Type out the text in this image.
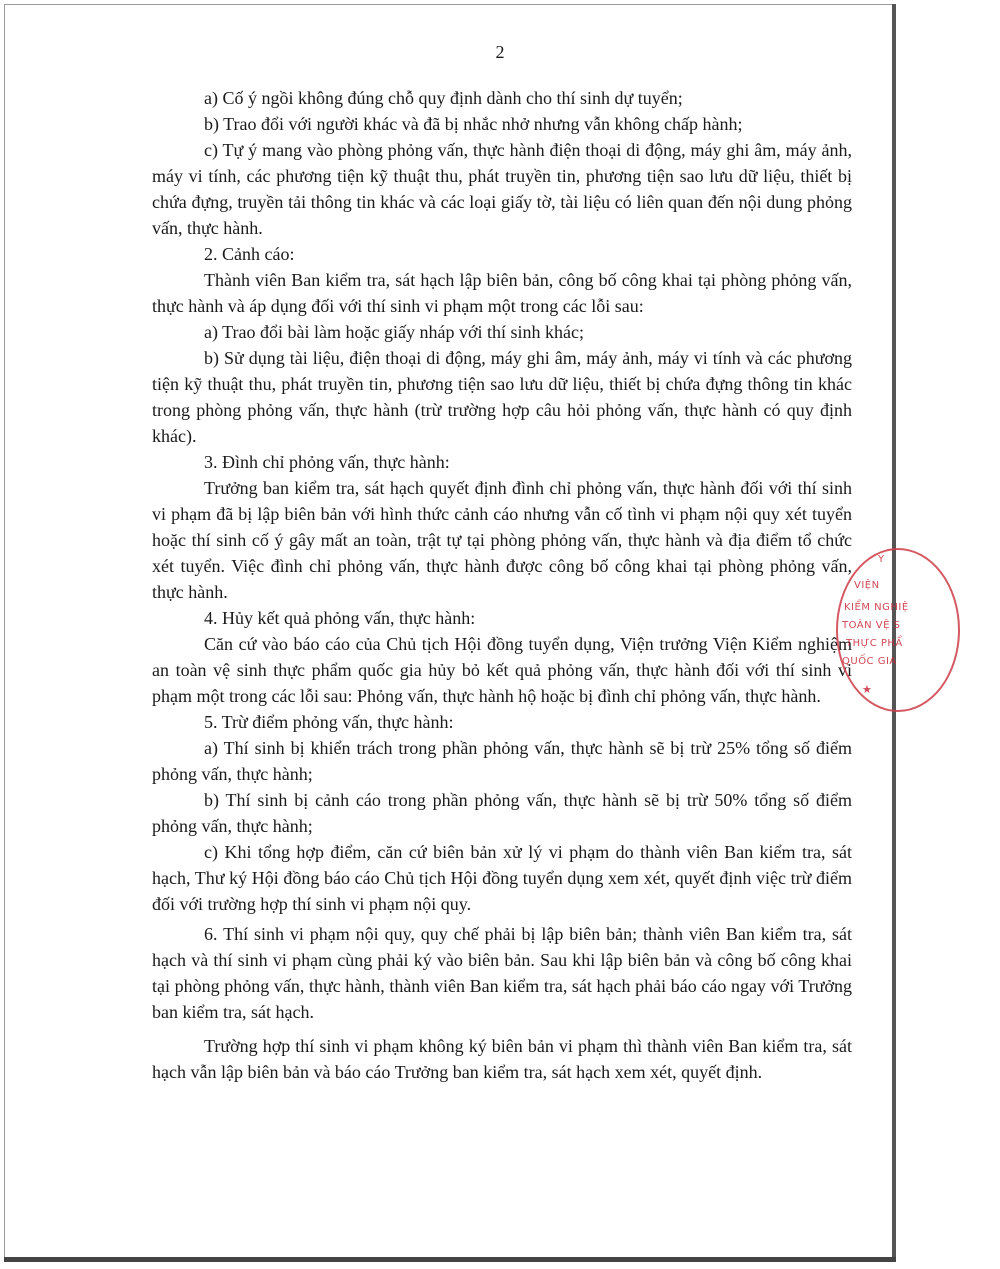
2

a) Cố ý ngồi không đúng chỗ quy định dành cho thí sinh dự tuyển;

b) Trao đổi với người khác và đã bị nhắc nhở nhưng vẫn không chấp hành;

c) Tự ý mang vào phòng phỏng vấn, thực hành điện thoại di động, máy ghi âm, máy ảnh, máy vi tính, các phương tiện kỹ thuật thu, phát truyền tin, phương tiện sao lưu dữ liệu, thiết bị chứa đựng, truyền tải thông tin khác và các loại giấy tờ, tài liệu có liên quan đến nội dung phỏng vấn, thực hành.

2. Cảnh cáo:

Thành viên Ban kiểm tra, sát hạch lập biên bản, công bố công khai tại phòng phỏng vấn, thực hành và áp dụng đối với thí sinh vi phạm một trong các lỗi sau:

a) Trao đổi bài làm hoặc giấy nháp với thí sinh khác;

b) Sử dụng tài liệu, điện thoại di động, máy ghi âm, máy ảnh, máy vi tính và các phương tiện kỹ thuật thu, phát truyền tin, phương tiện sao lưu dữ liệu, thiết bị chứa đựng thông tin khác trong phòng phỏng vấn, thực hành (trừ trường hợp câu hỏi phỏng vấn, thực hành có quy định khác).

3. Đình chỉ phỏng vấn, thực hành:

Trưởng ban kiểm tra, sát hạch quyết định đình chỉ phỏng vấn, thực hành đối với thí sinh vi phạm đã bị lập biên bản với hình thức cảnh cáo nhưng vẫn cố tình vi phạm nội quy xét tuyển hoặc thí sinh cố ý gây mất an toàn, trật tự tại phòng phỏng vấn, thực hành và địa điểm tổ chức xét tuyển. Việc đình chỉ phỏng vấn, thực hành được công bố công khai tại phòng phỏng vấn, thực hành.

4. Hủy kết quả phỏng vấn, thực hành:

Căn cứ vào báo cáo của Chủ tịch Hội đồng tuyển dụng, Viện trưởng Viện Kiểm nghiệm an toàn vệ sinh thực phẩm quốc gia hủy bỏ kết quả phỏng vấn, thực hành đối với thí sinh vi phạm một trong các lỗi sau: Phỏng vấn, thực hành hộ hoặc bị đình chỉ phỏng vấn, thực hành.

5. Trừ điểm phỏng vấn, thực hành:

a) Thí sinh bị khiển trách trong phần phỏng vấn, thực hành sẽ bị trừ 25% tổng số điểm phỏng vấn, thực hành;

b) Thí sinh bị cảnh cáo trong phần phỏng vấn, thực hành sẽ bị trừ 50% tổng số điểm phỏng vấn, thực hành;

c) Khi tổng hợp điểm, căn cứ biên bản xử lý vi phạm do thành viên Ban kiểm tra, sát hạch, Thư ký Hội đồng báo cáo Chủ tịch Hội đồng tuyển dụng xem xét, quyết định việc trừ điểm đối với trường hợp thí sinh vi phạm nội quy.

6. Thí sinh vi phạm nội quy, quy chế phải bị lập biên bản; thành viên Ban kiểm tra, sát hạch và thí sinh vi phạm cùng phải ký vào biên bản. Sau khi lập biên bản và công bố công khai tại phòng phỏng vấn, thực hành, thành viên Ban kiểm tra, sát hạch phải báo cáo ngay với Trưởng ban kiểm tra, sát hạch.

Trường hợp thí sinh vi phạm không ký biên bản vi phạm thì thành viên Ban kiểm tra, sát hạch vẫn lập biên bản và báo cáo Trưởng ban kiểm tra, sát hạch xem xét, quyết định.

Y
VIỆN
KIỂM NGHIỆ
TOÀN VỆ S
THỰC PHẨ
QUỐC GIA
★
